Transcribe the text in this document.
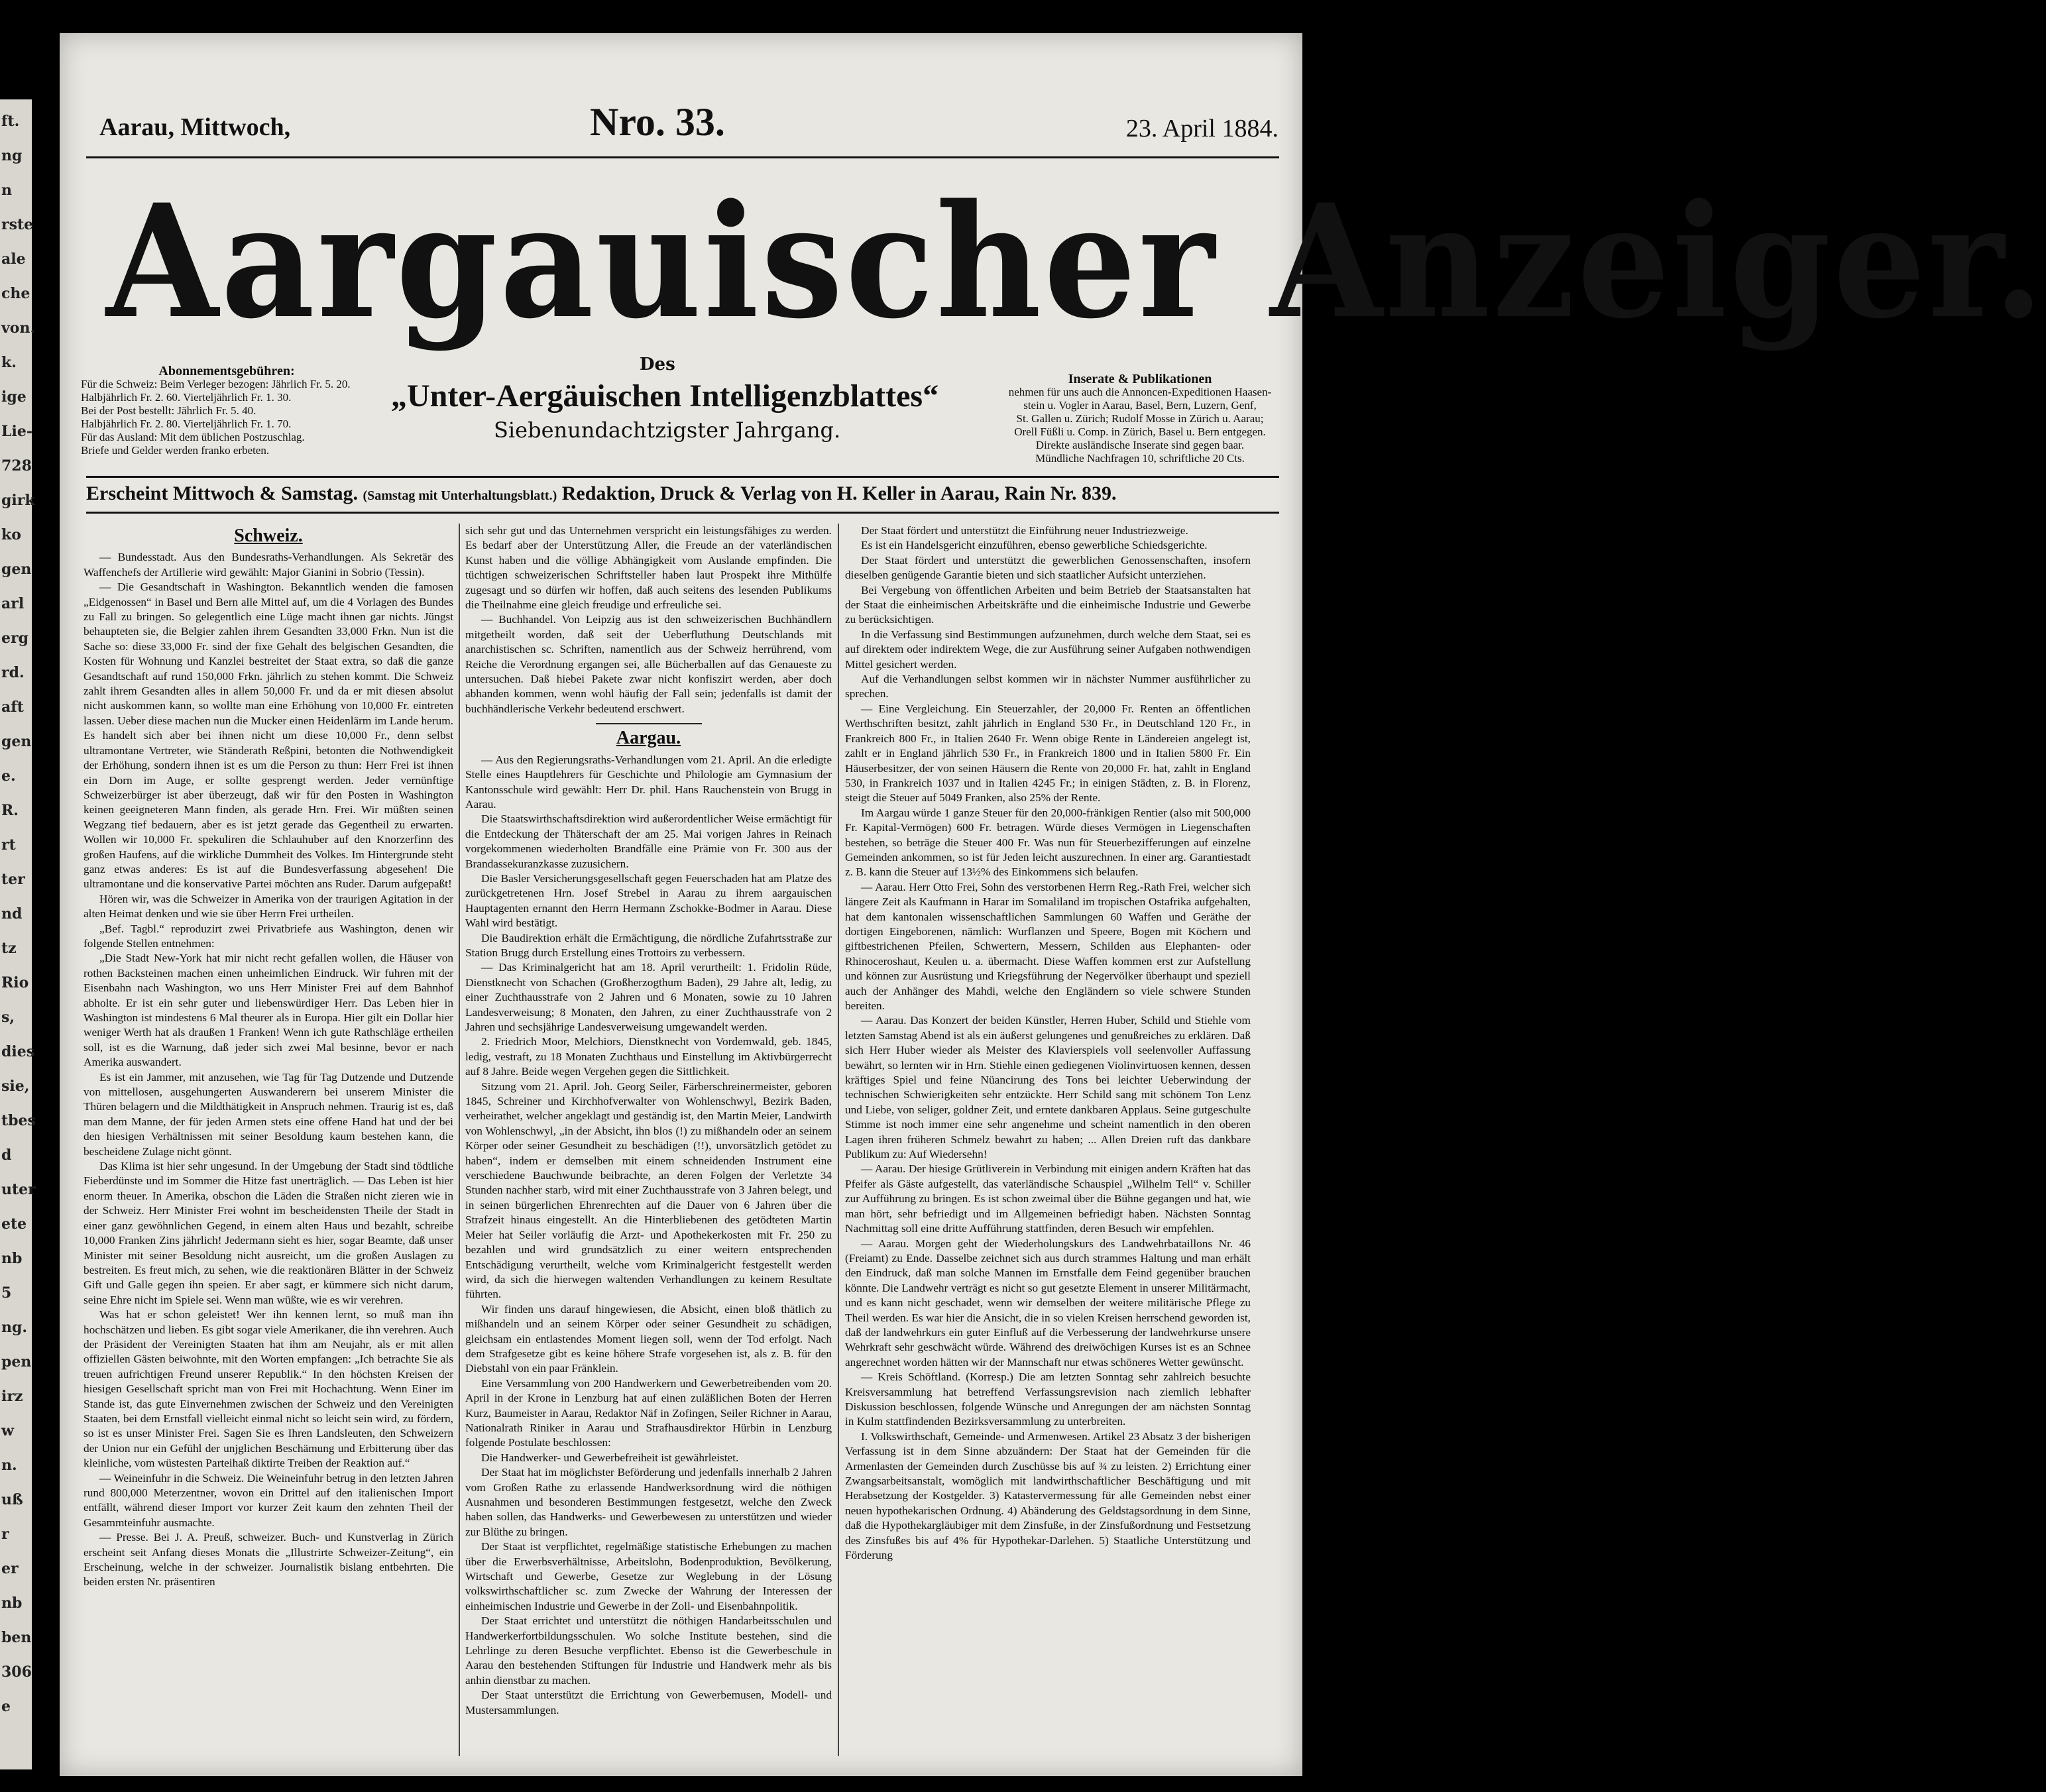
ft.
ng
n
rste
ale
che
von.
k.
ige
Lie-
728
girk
ko
gen
arl
erg
rd.
aft
gen
e.
R.
rt
ter
nd
tz
Rio
s,
dies
sie,
tbes
d
uter
ete
nb
5
ng.
pen
irz
w
n.
uß
r
er
nb
ben
306
e
Aarau, Mittwoch,	Nro. 33.	23. April 1884.
Aargauischer Anzeiger.
Des
„Unter-Aergäuischen Intelligenzblattes“
Siebenundachtzigster Jahrgang.
Abonnementsgebühren:
Für die Schweiz: Beim Verleger bezogen: Jährlich Fr. 5. 20.
Halbjährlich Fr. 2. 60. Vierteljährlich Fr. 1. 30.
Bei der Post bestellt: Jährlich Fr. 5. 40.
Halbjährlich Fr. 2. 80. Vierteljährlich Fr. 1. 70.
Für das Ausland: Mit dem üblichen Postzuschlag.
Briefe und Gelder werden franko erbeten.
Inserate & Publikationen
nehmen für uns auch die Annoncen-Expeditionen Haasen-
stein u. Vogler in Aarau, Basel, Bern, Luzern, Genf,
St. Gallen u. Zürich; Rudolf Mosse in Zürich u. Aarau;
Orell Füßli u. Comp. in Zürich, Basel u. Bern entgegen.
Direkte ausländische Inserate sind gegen baar.
Mündliche Nachfragen 10, schriftliche 20 Cts.
Erscheint Mittwoch & Samstag. (Samstag mit Unterhaltungsblatt.) Redaktion, Druck & Verlag von H. Keller in Aarau, Rain Nr. 839.
Schweiz.

— Bundesstadt. Aus den Bundesraths-Verhandlungen. Als Sekretär des Waffenchefs der Artillerie wird gewählt: Major Gianini in Sobrio (Tessin).

— Die Gesandtschaft in Washington. Bekanntlich wenden die famosen „Eidgenossen“ in Basel und Bern alle Mittel auf, um die 4 Vorlagen des Bundes zu Fall zu bringen. So gelegentlich eine Lüge macht ihnen gar nichts. Jüngst behaupteten sie, die Belgier zahlen ihrem Gesandten 33,000 Frkn. Nun ist die Sache so: diese 33,000 Fr. sind der fixe Gehalt des belgischen Gesandten, die Kosten für Wohnung und Kanzlei bestreitet der Staat extra, so daß die ganze Gesandtschaft auf rund 150,000 Frkn. jährlich zu stehen kommt. Die Schweiz zahlt ihrem Gesandten alles in allem 50,000 Fr. und da er mit diesen absolut nicht auskommen kann, so wollte man eine Erhöhung von 10,000 Fr. eintreten lassen. Ueber diese machen nun die Mucker einen Heidenlärm im Lande herum. Es handelt sich aber bei ihnen nicht um diese 10,000 Fr., denn selbst ultramontane Vertreter, wie Ständerath Reßpini, betonten die Nothwendigkeit der Erhöhung, sondern ihnen ist es um die Person zu thun: Herr Frei ist ihnen ein Dorn im Auge, er sollte gesprengt werden. Jeder vernünftige Schweizerbürger ist aber überzeugt, daß wir für den Posten in Washington keinen geeigneteren Mann finden, als gerade Hrn. Frei. Wir müßten seinen Wegzang tief bedauern, aber es ist jetzt gerade das Gegentheil zu erwarten. Wollen wir 10,000 Fr. spekuliren die Schlauhuber auf den Knorzerfinn des großen Haufens, auf die wirkliche Dummheit des Volkes. Im Hintergrunde steht ganz etwas anderes: Es ist auf die Bundesverfassung abgesehen! Die ultramontane und die konservative Partei möchten ans Ruder. Darum aufgepaßt!

Hören wir, was die Schweizer in Amerika von der traurigen Agitation in der alten Heimat denken und wie sie über Herrn Frei urtheilen.

„Bef. Tagbl.“ reproduzirt zwei Privatbriefe aus Washington, denen wir folgende Stellen entnehmen:

„Die Stadt New-York hat mir nicht recht gefallen wollen, die Häuser von rothen Backsteinen machen einen unheimlichen Eindruck. Wir fuhren mit der Eisenbahn nach Washington, wo uns Herr Minister Frei auf dem Bahnhof abholte. Er ist ein sehr guter und liebenswürdiger Herr. Das Leben hier in Washington ist mindestens 6 Mal theurer als in Europa. Hier gilt ein Dollar hier weniger Werth hat als draußen 1 Franken! Wenn ich gute Rathschläge ertheilen soll, ist es die Warnung, daß jeder sich zwei Mal besinne, bevor er nach Amerika auswandert.

Es ist ein Jammer, mit anzusehen, wie Tag für Tag Dutzende und Dutzende von mittellosen, ausgehungerten Auswanderern bei unserem Minister die Thüren belagern und die Mildthätigkeit in Anspruch nehmen. Traurig ist es, daß man dem Manne, der für jeden Armen stets eine offene Hand hat und der bei den hiesigen Verhältnissen mit seiner Besoldung kaum bestehen kann, die bescheidene Zulage nicht gönnt.

Das Klima ist hier sehr ungesund. In der Umgebung der Stadt sind tödtliche Fieberdünste und im Sommer die Hitze fast unerträglich. — Das Leben ist hier enorm theuer. In Amerika, obschon die Läden die Straßen nicht zieren wie in der Schweiz. Herr Minister Frei wohnt im bescheidensten Theile der Stadt in einer ganz gewöhnlichen Gegend, in einem alten Haus und bezahlt, schreibe 10,000 Franken Zins jährlich! Jedermann sieht es hier, sogar Beamte, daß unser Minister mit seiner Besoldung nicht ausreicht, um die großen Auslagen zu bestreiten. Es freut mich, zu sehen, wie die reaktionären Blätter in der Schweiz Gift und Galle gegen ihn speien. Er aber sagt, er kümmere sich nicht darum, seine Ehre nicht im Spiele sei. Wenn man wüßte, wie es wir verehren.

Was hat er schon geleistet! Wer ihn kennen lernt, so muß man ihn hochschätzen und lieben. Es gibt sogar viele Amerikaner, die ihn verehren. Auch der Präsident der Vereinigten Staaten hat ihm am Neujahr, als er mit allen offiziellen Gästen beiwohnte, mit den Worten empfangen: „Ich betrachte Sie als treuen aufrichtigen Freund unserer Republik.“ In den höchsten Kreisen der hiesigen Gesellschaft spricht man von Frei mit Hochachtung. Wenn Einer im Stande ist, das gute Einvernehmen zwischen der Schweiz und den Vereinigten Staaten, bei dem Ernstfall vielleicht einmal nicht so leicht sein wird, zu fördern, so ist es unser Minister Frei. Sagen Sie es Ihren Landsleuten, den Schweizern der Union nur ein Gefühl der unjglichen Beschämung und Erbitterung über das kleinliche, vom wüstesten Parteihaß diktirte Treiben der Reaktion auf.“

— Weineinfuhr in die Schweiz. Die Weineinfuhr betrug in den letzten Jahren rund 800,000 Meterzentner, wovon ein Drittel auf den italienischen Import entfällt, während dieser Import vor kurzer Zeit kaum den zehnten Theil der Gesammteinfuhr ausmachte.

— Presse. Bei J. A. Preuß, schweizer. Buch- und Kunstverlag in Zürich erscheint seit Anfang dieses Monats die „Illustrirte Schweizer-Zeitung“, ein Erscheinung, welche in der schweizer. Journalistik bislang entbehrten. Die beiden ersten Nr. präsentiren

sich sehr gut und das Unternehmen verspricht ein leistungsfähiges zu werden. Es bedarf aber der Unterstützung Aller, die Freude an der vaterländischen Kunst haben und die völlige Abhängigkeit vom Auslande empfinden. Die tüchtigen schweizerischen Schriftsteller haben laut Prospekt ihre Mithülfe zugesagt und so dürfen wir hoffen, daß auch seitens des lesenden Publikums die Theilnahme eine gleich freudige und erfreuliche sei.

— Buchhandel. Von Leipzig aus ist den schweizerischen Buchhändlern mitgetheilt worden, daß seit der Ueberfluthung Deutschlands mit anarchistischen sc. Schriften, namentlich aus der Schweiz herrührend, vom Reiche die Verordnung ergangen sei, alle Bücherballen auf das Genaueste zu untersuchen. Daß hiebei Pakete zwar nicht konfiszirt werden, aber doch abhanden kommen, wenn wohl häufig der Fall sein; jedenfalls ist damit der buchhändlerische Verkehr bedeutend erschwert.

Aargau.

— Aus den Regierungsraths-Verhandlungen vom 21. April. An die erledigte Stelle eines Hauptlehrers für Geschichte und Philologie am Gymnasium der Kantonsschule wird gewählt: Herr Dr. phil. Hans Rauchenstein von Brugg in Aarau.

Die Staatswirthschaftsdirektion wird außerordentlicher Weise ermächtigt für die Entdeckung der Thäterschaft der am 25. Mai vorigen Jahres in Reinach vorgekommenen wiederholten Brandfälle eine Prämie von Fr. 300 aus der Brandassekuranzkasse zuzusichern.

Die Basler Versicherungsgesellschaft gegen Feuerschaden hat am Platze des zurückgetretenen Hrn. Josef Strebel in Aarau zu ihrem aargauischen Hauptagenten ernannt den Herrn Hermann Zschokke-Bodmer in Aarau. Diese Wahl wird bestätigt.

Die Baudirektion erhält die Ermächtigung, die nördliche Zufahrtsstraße zur Station Brugg durch Erstellung eines Trottoirs zu verbessern.

— Das Kriminalgericht hat am 18. April verurtheilt: 1. Fridolin Rüde, Dienstknecht von Schachen (Großherzogthum Baden), 29 Jahre alt, ledig, zu einer Zuchthausstrafe von 2 Jahren und 6 Monaten, sowie zu 10 Jahren Landesverweisung; 8 Monaten, den Jahren, zu einer Zuchthausstrafe von 2 Jahren und sechsjährige Landesverweisung umgewandelt werden.

2. Friedrich Moor, Melchiors, Dienstknecht von Vordemwald, geb. 1845, ledig, vestraft, zu 18 Monaten Zuchthaus und Einstellung im Aktivbürgerrecht auf 8 Jahre. Beide wegen Vergehen gegen die Sittlichkeit.

Sitzung vom 21. April. Joh. Georg Seiler, Färberschreinermeister, geboren 1845, Schreiner und Kirchhofverwalter von Wohlenschwyl, Bezirk Baden, verheirathet, welcher angeklagt und geständig ist, den Martin Meier, Landwirth von Wohlenschwyl, „in der Absicht, ihn blos (!) zu mißhandeln oder an seinem Körper oder seiner Gesundheit zu beschädigen (!!), unvorsätzlich getödet zu haben“, indem er demselben mit einem schneidenden Instrument eine verschiedene Bauchwunde beibrachte, an deren Folgen der Verletzte 34 Stunden nachher starb, wird mit einer Zuchthausstrafe von 3 Jahren belegt, und in seinen bürgerlichen Ehrenrechten auf die Dauer von 6 Jahren über die Strafzeit hinaus eingestellt. An die Hinterbliebenen des getödteten Martin Meier hat Seiler vorläufig die Arzt- und Apothekerkosten mit Fr. 250 zu bezahlen und wird grundsätzlich zu einer weitern entsprechenden Entschädigung verurtheilt, welche vom Kriminalgericht festgestellt werden wird, da sich die hierwegen waltenden Verhandlungen zu keinem Resultate führten.

Wir finden uns darauf hingewiesen, die Absicht, einen bloß thätlich zu mißhandeln und an seinem Körper oder seiner Gesundheit zu schädigen, gleichsam ein entlastendes Moment liegen soll, wenn der Tod erfolgt. Nach dem Strafgesetze gibt es keine höhere Strafe vorgesehen ist, als z. B. für den Diebstahl von ein paar Fränklein.

Eine Versammlung von 200 Handwerkern und Gewerbetreibenden vom 20. April in der Krone in Lenzburg hat auf einen zuläßlichen Boten der Herren Kurz, Baumeister in Aarau, Redaktor Näf in Zofingen, Seiler Richner in Aarau, Nationalrath Riniker in Aarau und Strafhausdirektor Hürbin in Lenzburg folgende Postulate beschlossen:

Die Handwerker- und Gewerbefreiheit ist gewährleistet.

Der Staat hat im möglichster Beförderung und jedenfalls innerhalb 2 Jahren vom Großen Rathe zu erlassende Handwerksordnung wird die nöthigen Ausnahmen und besonderen Bestimmungen festgesetzt, welche den Zweck haben sollen, das Handwerks- und Gewerbewesen zu unterstützen und wieder zur Blüthe zu bringen.

Der Staat ist verpflichtet, regelmäßige statistische Erhebungen zu machen über die Erwerbsverhältnisse, Arbeitslohn, Bodenproduktion, Bevölkerung, Wirtschaft und Gewerbe, Gesetze zur Weglebung in der Lösung volkswirthschaftlicher sc. zum Zwecke der Wahrung der Interessen der einheimischen Industrie und Gewerbe in der Zoll- und Eisenbahnpolitik.

Der Staat errichtet und unterstützt die nöthigen Handarbeitsschulen und Handwerkerfortbildungsschulen. Wo solche Institute bestehen, sind die Lehrlinge zu deren Besuche verpflichtet. Ebenso ist die Gewerbeschule in Aarau den bestehenden Stiftungen für Industrie und Handwerk mehr als bis anhin dienstbar zu machen.

Der Staat unterstützt die Errichtung von Gewerbemusen, Modell- und Mustersammlungen.

Der Staat fördert und unterstützt die Einführung neuer Industriezweige.

Es ist ein Handelsgericht einzuführen, ebenso gewerbliche Schiedsgerichte.

Der Staat fördert und unterstützt die gewerblichen Genossenschaften, insofern dieselben genügende Garantie bieten und sich staatlicher Aufsicht unterziehen.

Bei Vergebung von öffentlichen Arbeiten und beim Betrieb der Staatsanstalten hat der Staat die einheimischen Arbeitskräfte und die einheimische Industrie und Gewerbe zu berücksichtigen.

In die Verfassung sind Bestimmungen aufzunehmen, durch welche dem Staat, sei es auf direktem oder indirektem Wege, die zur Ausführung seiner Aufgaben nothwendigen Mittel gesichert werden.

Auf die Verhandlungen selbst kommen wir in nächster Nummer ausführlicher zu sprechen.

— Eine Vergleichung. Ein Steuerzahler, der 20,000 Fr. Renten an öffentlichen Werthschriften besitzt, zahlt jährlich in England 530 Fr., in Deutschland 120 Fr., in Frankreich 800 Fr., in Italien 2640 Fr. Wenn obige Rente in Ländereien angelegt ist, zahlt er in England jährlich 530 Fr., in Frankreich 1800 und in Italien 5800 Fr. Ein Häuserbesitzer, der von seinen Häusern die Rente von 20,000 Fr. hat, zahlt in England 530, in Frankreich 1037 und in Italien 4245 Fr.; in einigen Städten, z. B. in Florenz, steigt die Steuer auf 5049 Franken, also 25% der Rente.

Im Aargau würde 1 ganze Steuer für den 20,000-fränkigen Rentier (also mit 500,000 Fr. Kapital-Vermögen) 600 Fr. betragen. Würde dieses Vermögen in Liegenschaften bestehen, so beträge die Steuer 400 Fr. Was nun für Steuerbezifferungen auf einzelne Gemeinden ankommen, so ist für Jeden leicht auszurechnen. In einer arg. Garantiestadt z. B. kann die Steuer auf 13½% des Einkommens sich belaufen.

— Aarau. Herr Otto Frei, Sohn des verstorbenen Herrn Reg.-Rath Frei, welcher sich längere Zeit als Kaufmann in Harar im Somaliland im tropischen Ostafrika aufgehalten, hat dem kantonalen wissenschaftlichen Sammlungen 60 Waffen und Geräthe der dortigen Eingeborenen, nämlich: Wurflanzen und Speere, Bogen mit Köchern und giftbestrichenen Pfeilen, Schwertern, Messern, Schilden aus Elephanten- oder Rhinoceroshaut, Keulen u. a. übermacht. Diese Waffen kommen erst zur Aufstellung und können zur Ausrüstung und Kriegsführung der Negervölker überhaupt und speziell auch der Anhänger des Mahdi, welche den Engländern so viele schwere Stunden bereiten.

— Aarau. Das Konzert der beiden Künstler, Herren Huber, Schild und Stiehle vom letzten Samstag Abend ist als ein äußerst gelungenes und genußreiches zu erklären. Daß sich Herr Huber wieder als Meister des Klavierspiels voll seelenvoller Auffassung bewährt, so lernten wir in Hrn. Stiehle einen gediegenen Violinvirtuosen kennen, dessen kräftiges Spiel und feine Nüancirung des Tons bei leichter Ueberwindung der technischen Schwierigkeiten sehr entzückte. Herr Schild sang mit schönem Ton Lenz und Liebe, von seliger, goldner Zeit, und erntete dankbaren Applaus. Seine gutgeschulte Stimme ist noch immer eine sehr angenehme und scheint namentlich in den oberen Lagen ihren früheren Schmelz bewahrt zu haben; ... Allen Dreien ruft das dankbare Publikum zu: Auf Wiedersehn!

— Aarau. Der hiesige Grütliverein in Verbindung mit einigen andern Kräften hat das Pfeifer als Gäste aufgestellt, das vaterländische Schauspiel „Wilhelm Tell“ v. Schiller zur Aufführung zu bringen. Es ist schon zweimal über die Bühne gegangen und hat, wie man hört, sehr befriedigt und im Allgemeinen befriedigt haben. Nächsten Sonntag Nachmittag soll eine dritte Aufführung stattfinden, deren Besuch wir empfehlen.

— Aarau. Morgen geht der Wiederholungskurs des Landwehrbataillons Nr. 46 (Freiamt) zu Ende. Dasselbe zeichnet sich aus durch strammes Haltung und man erhält den Eindruck, daß man solche Mannen im Ernstfalle dem Feind gegenüber brauchen könnte. Die Landwehr verträgt es nicht so gut gesetzte Element in unserer Militärmacht, und es kann nicht geschadet, wenn wir demselben der weitere militärische Pflege zu Theil werden. Es war hier die Ansicht, die in so vielen Kreisen herrschend geworden ist, daß der landwehrkurs ein guter Einfluß auf die Verbesserung der landwehrkurse unsere Wehrkraft sehr geschwächt würde. Während des dreiwöchigen Kurses ist es an Schnee angerechnet worden hätten wir der Mannschaft nur etwas schöneres Wetter gewünscht.

— Kreis Schöftland. (Korresp.) Die am letzten Sonntag sehr zahlreich besuchte Kreisversammlung hat betreffend Verfassungsrevision nach ziemlich lebhafter Diskussion beschlossen, folgende Wünsche und Anregungen der am nächsten Sonntag in Kulm stattfindenden Bezirksversammlung zu unterbreiten.

I. Volkswirthschaft, Gemeinde- und Armenwesen. Artikel 23 Absatz 3 der bisherigen Verfassung ist in dem Sinne abzuändern: Der Staat hat der Gemeinden für die Armenlasten der Gemeinden durch Zuschüsse bis auf ¾ zu leisten. 2) Errichtung einer Zwangsarbeitsanstalt, womöglich mit landwirthschaftlicher Beschäftigung und mit Herabsetzung der Kostgelder. 3) Katastervermessung für alle Gemeinden nebst einer neuen hypothekarischen Ordnung. 4) Abänderung des Geldstagsordnung in dem Sinne, daß die Hypothekargläubiger mit dem Zinsfuße, in der Zinsfußordnung und Festsetzung des Zinsfußes bis auf 4% für Hypothekar-Darlehen. 5) Staatliche Unterstützung und Förderung
